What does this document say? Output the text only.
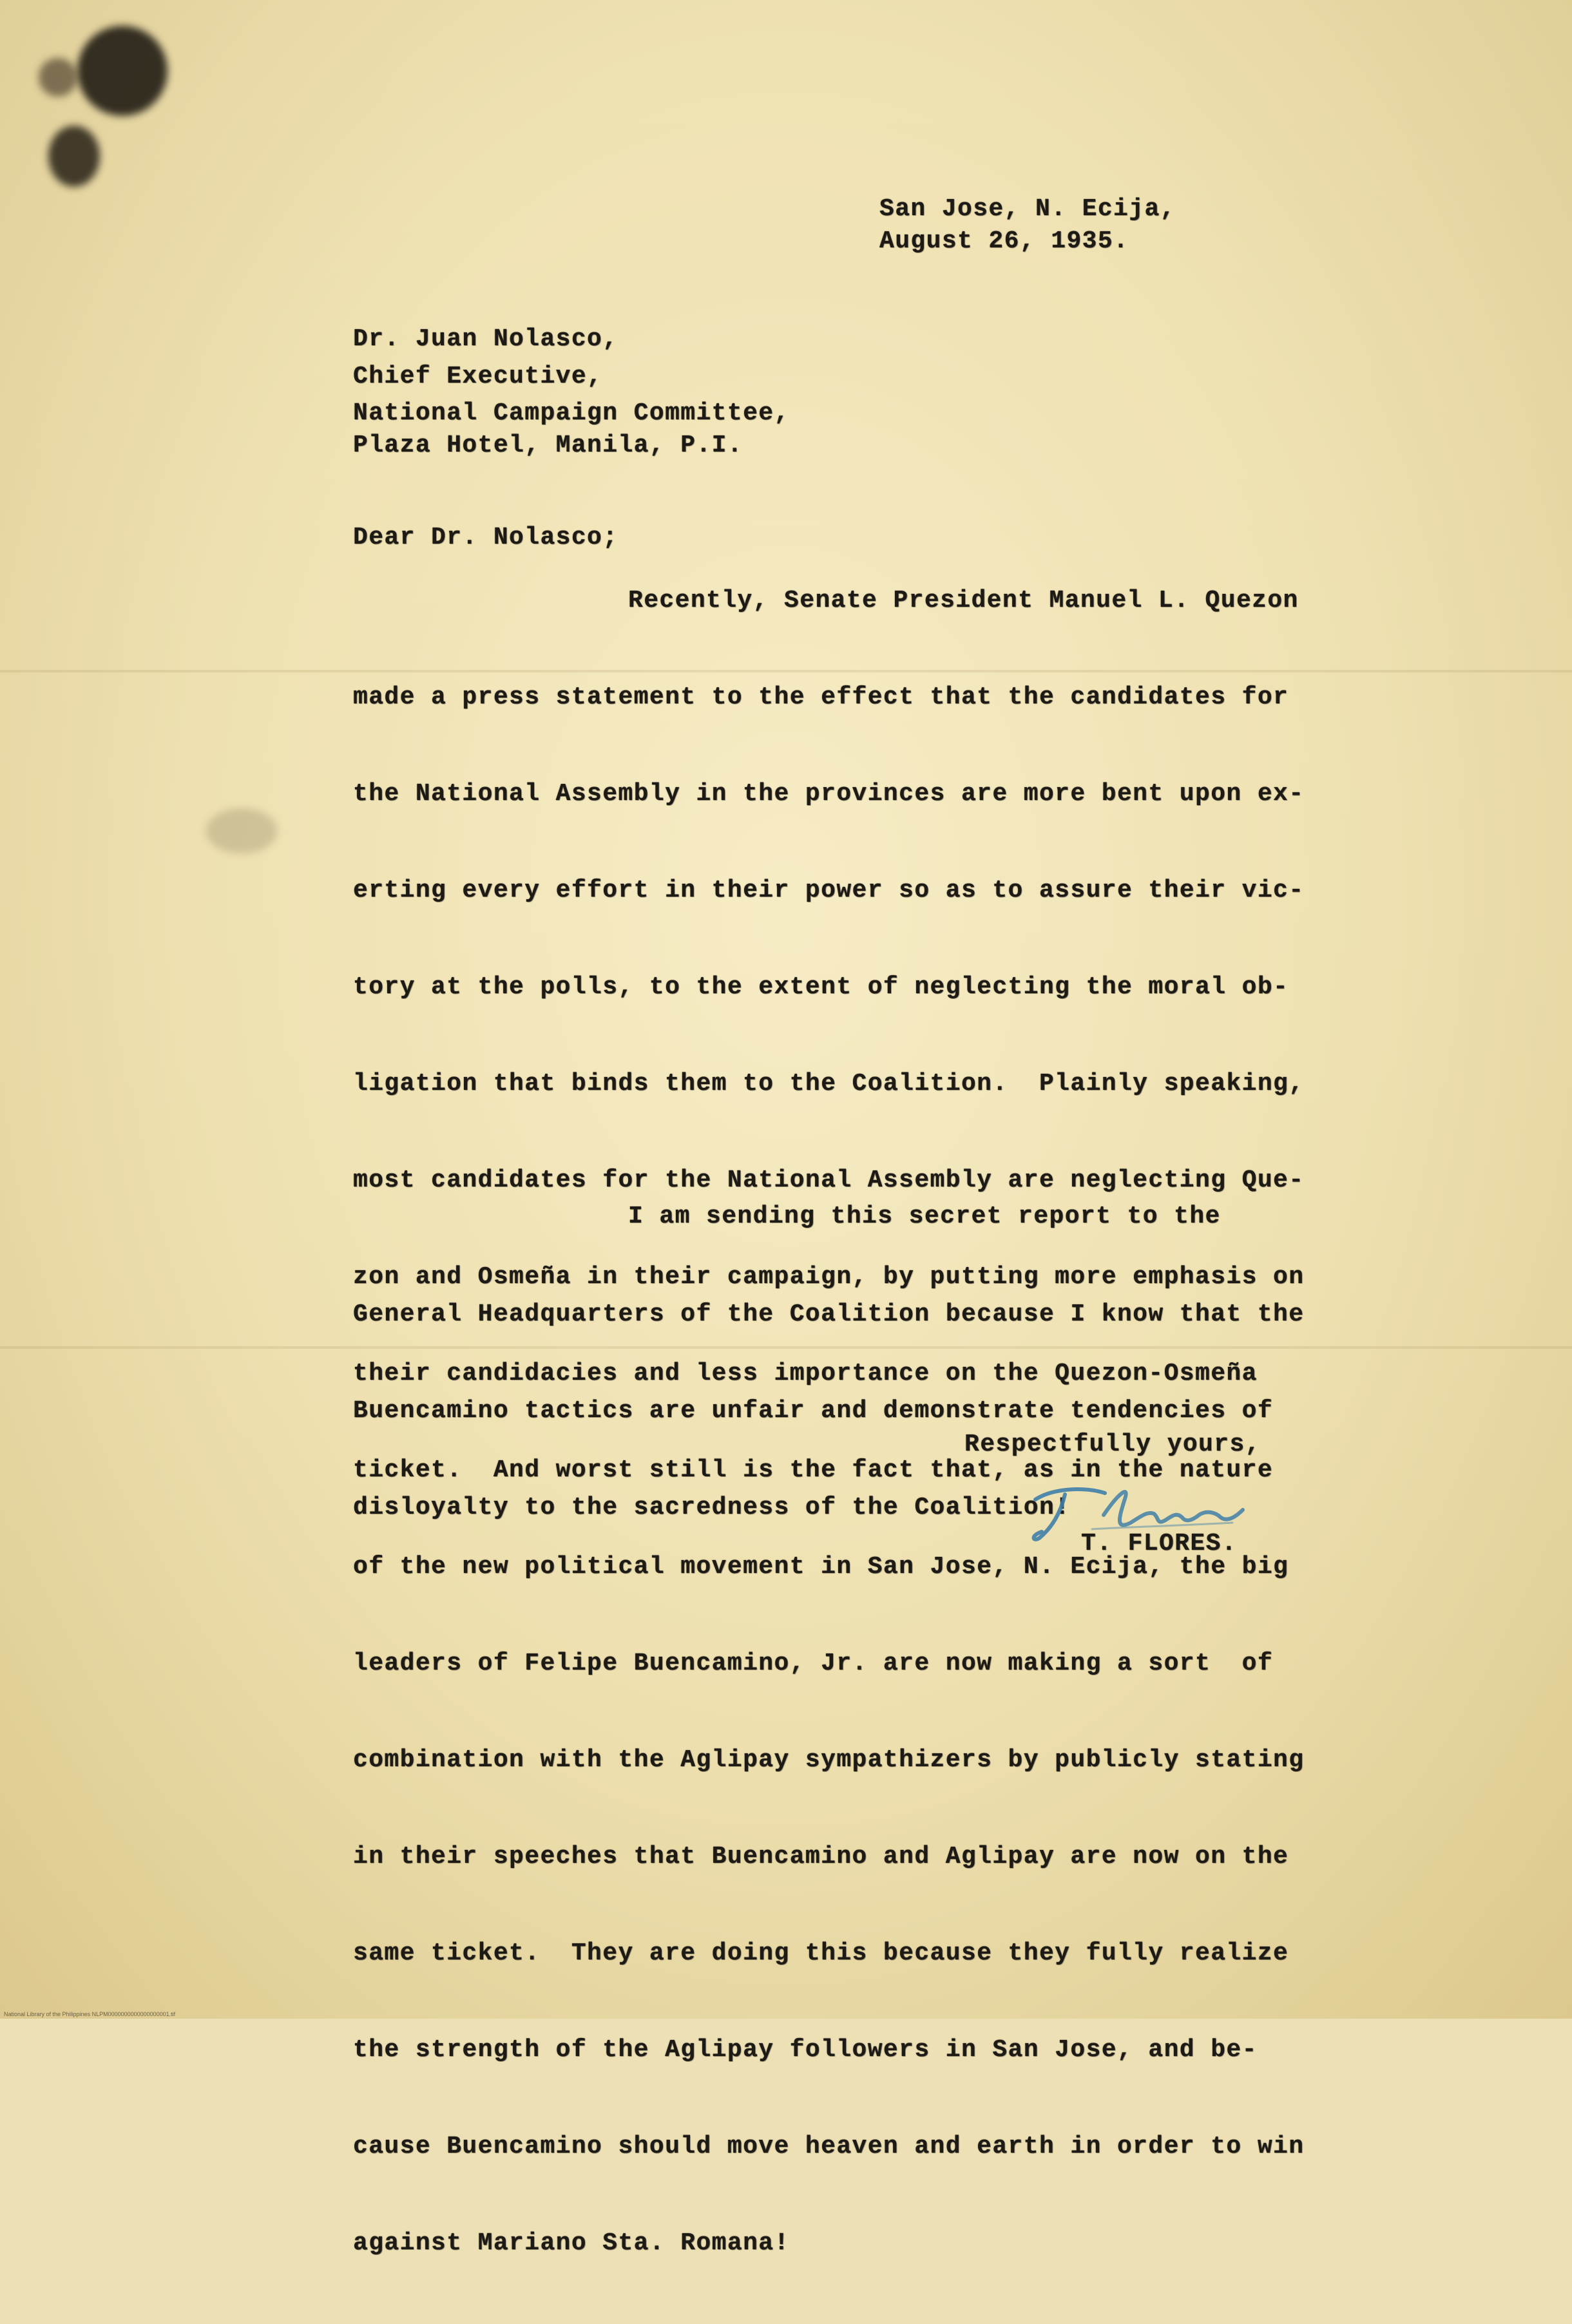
San Jose, N. Ecija,
August 26, 1935.
Dr. Juan Nolasco,
Chief Executive,
National Campaign Committee,
Plaza Hotel, Manila, P.I.
Dear Dr. Nolasco;
Recently, Senate President Manuel L. Quezon

made a press statement to the effect that the candidates for

the National Assembly in the provinces are more bent upon ex-

erting every effort in their power so as to assure their vic-

tory at the polls, to the extent of neglecting the moral ob-

ligation that binds them to the Coalition.  Plainly speaking,

most candidates for the National Assembly are neglecting Que-

zon and Osmeña in their campaign, by putting more emphasis on

their candidacies and less importance on the Quezon-Osmeña

ticket.  And worst still is the fact that, as in the nature

of the new political movement in San Jose, N. Ecija, the big

leaders of Felipe Buencamino, Jr. are now making a sort  of

combination with the Aglipay sympathizers by publicly stating

in their speeches that Buencamino and Aglipay are now on the

same ticket.  They are doing this because they fully realize

the strength of the Aglipay followers in San Jose, and be-

cause Buencamino should move heaven and earth in order to win

against Mariano Sta. Romana!

I am sending this secret report to the

General Headquarters of the Coalition because I know that the

Buencamino tactics are unfair and demonstrate tendencies of

disloyalty to the sacredness of the Coalition!

Respectfully yours,
T. FLORES.
National Library of the Philippines NLPM0000000000000000001.tif
